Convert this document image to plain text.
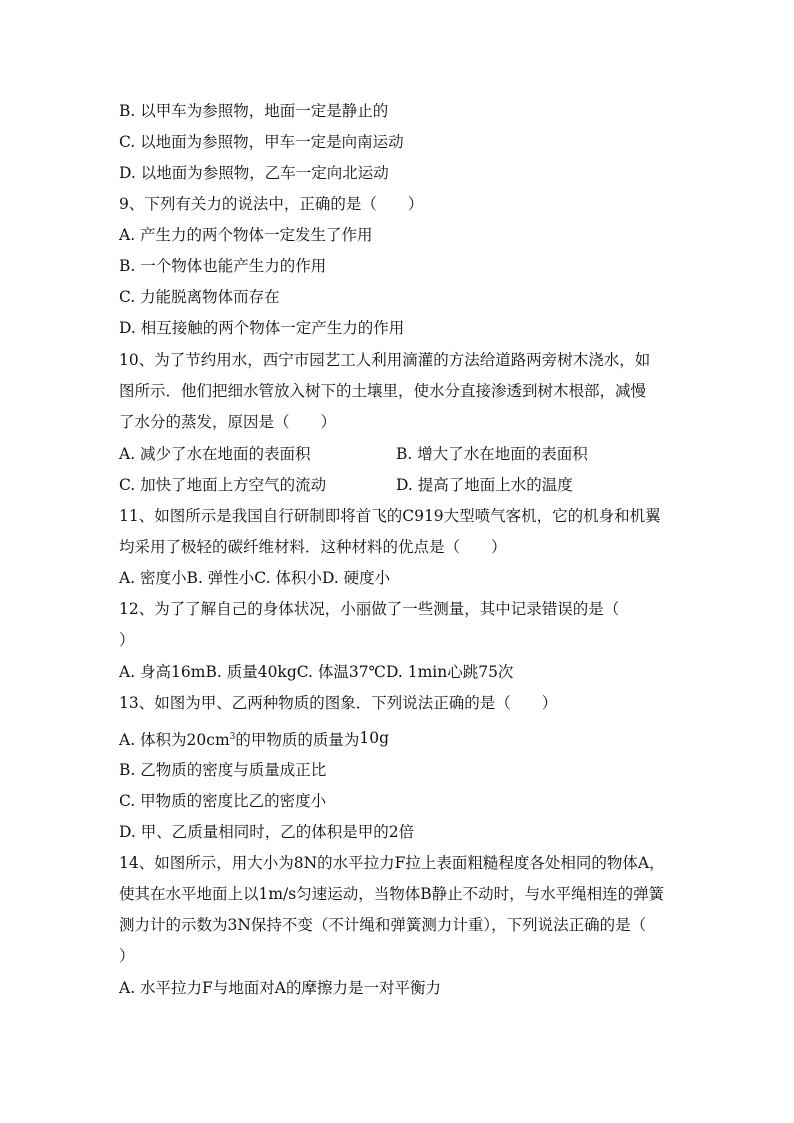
B. 以甲车为参照物，地面一定是静止的
C. 以地面为参照物，甲车一定是向南运动
D. 以地面为参照物，乙车一定向北运动
9、下列有关力的说法中，正确的是（　　）
A. 产生力的两个物体一定发生了作用
B. 一个物体也能产生力的作用
C. 力能脱离物体而存在
D. 相互接触的两个物体一定产生力的作用
10、为了节约用水，西宁市园艺工人利用滴灌的方法给道路两旁树木浇水，如
图所示．他们把细水管放入树下的土壤里，使水分直接渗透到树木根部，减慢
了水分的蒸发，原因是（　　）
A. 减少了水在地面的表面积	B. 增大了水在地面的表面积
C. 加快了地面上方空气的流动	D. 提高了地面上水的温度
11、如图所示是我国自行研制即将首飞的C919大型喷气客机，它的机身和机翼
均采用了极轻的碳纤维材料．这种材料的优点是（　　）
A. 密度小B. 弹性小C. 体积小D. 硬度小
12、为了了解自己的身体状况，小丽做了一些测量，其中记录错误的是（
）
A. 身高16mB. 质量40kgC. 体温37℃D. 1min心跳75次
13、如图为甲、乙两种物质的图象．下列说法正确的是（　　）
A. 体积为$20cm^3$的甲物质的质量为10g
B. 乙物质的密度与质量成正比
C. 甲物质的密度比乙的密度小
D. 甲、乙质量相同时，乙的体积是甲的2倍
14、如图所示，用大小为8N的水平拉力F拉上表面粗糙程度各处相同的物体A，
使其在水平地面上以1m/s匀速运动，当物体B静止不动时，与水平绳相连的弹簧
测力计的示数为3N保持不变（不计绳和弹簧测力计重），下列说法正确的是（
）
A. 水平拉力F与地面对A的摩擦力是一对平衡力
